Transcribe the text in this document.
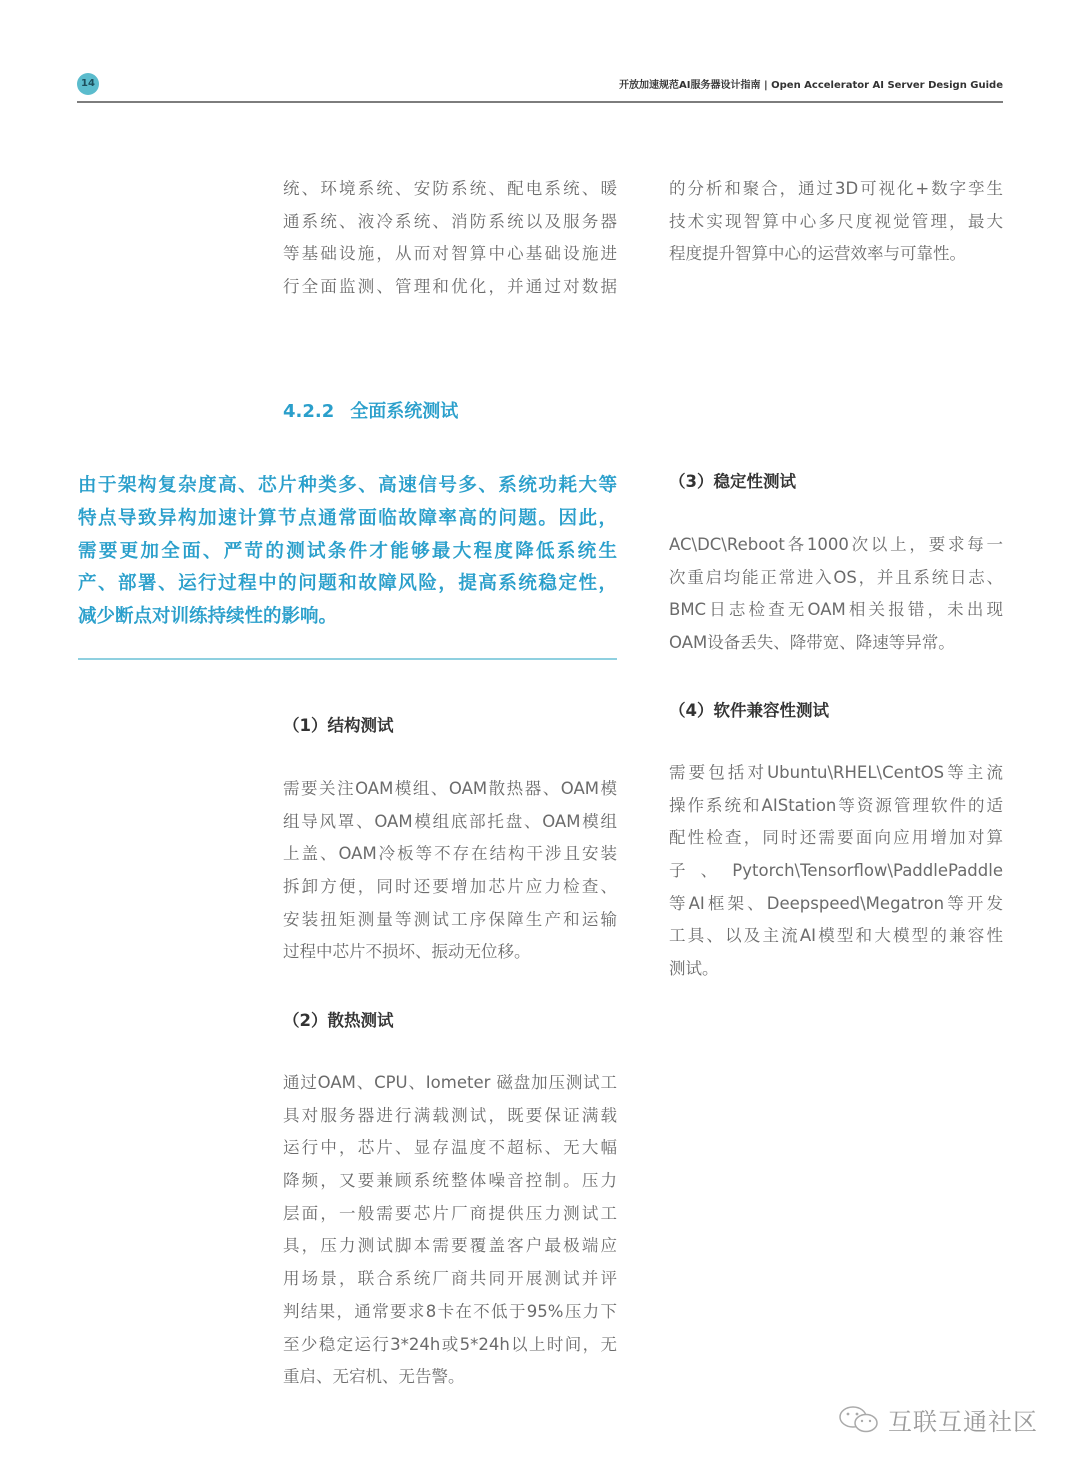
14	开放加速规范AI服务器设计指南 | Open Accelerator AI Server Design Guide
统、环境系统、安防系统、配电系统、暖
通系统、液冷系统、消防系统以及服务器
等基础设施，从而对智算中心基础设施进
行全面监测、管理和优化，并通过对数据
的分析和聚合，通过3D可视化+数字孪生
技术实现智算中心多尺度视觉管理，最大
程度提升智算中心的运营效率与可靠性。
4.2.2 全面系统测试
由于架构复杂度高、芯片种类多、高速信号多、系统功耗大等
特点导致异构加速计算节点通常面临故障率高的问题。因此，
需要更加全面、严苛的测试条件才能够最大程度降低系统生
产、部署、运行过程中的问题和故障风险，提高系统稳定性，
减少断点对训练持续性的影响。
（1）结构测试
需要关注OAM模组、OAM散热器、OAM模
组导风罩、OAM模组底部托盘、OAM模组
上盖、OAM冷板等不存在结构干涉且安装
拆卸方便，同时还要增加芯片应力检查、
安装扭矩测量等测试工序保障生产和运输
过程中芯片不损坏、振动无位移。
（2）散热测试
通过OAM、CPU、Iometer 磁盘加压测试工
具对服务器进行满载测试，既要保证满载
运行中，芯片、显存温度不超标、无大幅
降频，又要兼顾系统整体噪音控制。压力
层面，一般需要芯片厂商提供压力测试工
具，压力测试脚本需要覆盖客户最极端应
用场景，联合系统厂商共同开展测试并评
判结果，通常要求8卡在不低于95%压力下
至少稳定运行3*24h或5*24h以上时间，无
重启、无宕机、无告警。
（3）稳定性测试
AC\DC\Reboot各1000次以上，要求每一
次重启均能正常进入OS，并且系统日志、
BMC日志检查无OAM相关报错，未出现
OAM设备丢失、降带宽、降速等异常。
（4）软件兼容性测试
需要包括对Ubuntu\RHEL\CentOS等主流
操作系统和AIStation等资源管理软件的适
配性检查，同时还需要面向应用增加对算
子、Pytorch\Tensorflow\PaddlePaddle
等AI框架、Deepspeed\Megatron等开发
工具、以及主流AI模型和大模型的兼容性
测试。
互联互通社区
